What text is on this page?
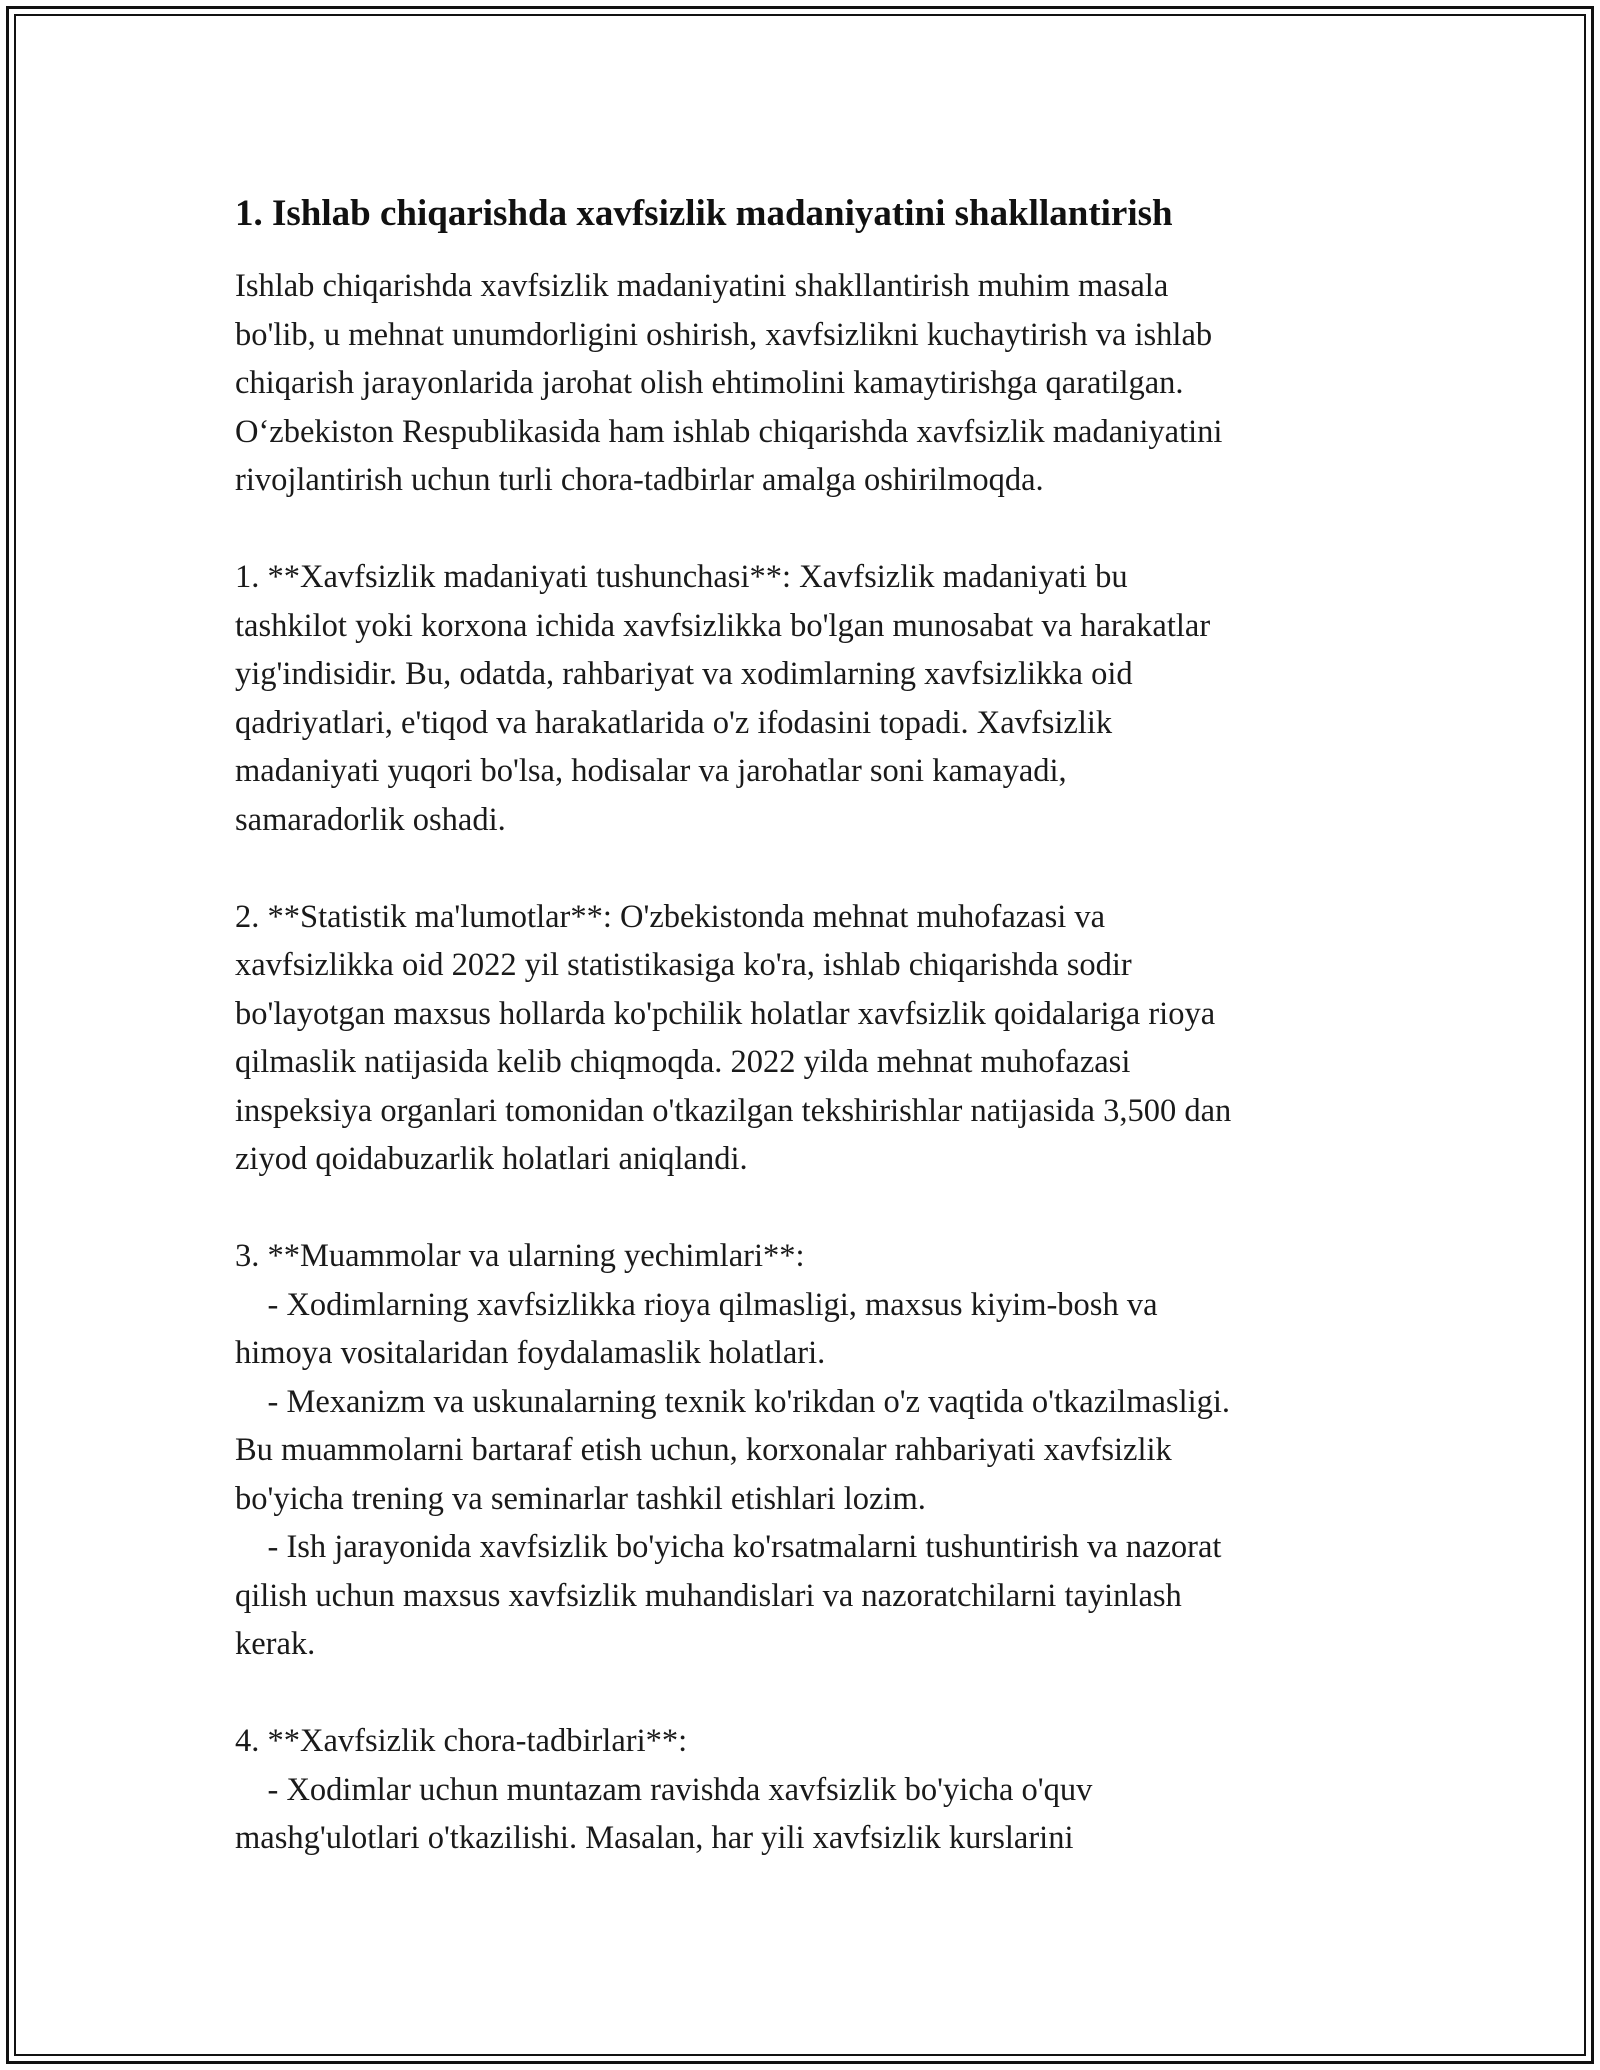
1. Ishlab chiqarishda xavfsizlik madaniyatini shakllantirish
Ishlab chiqarishda xavfsizlik madaniyatini shakllantirish muhim masala
bo'lib, u mehnat unumdorligini oshirish, xavfsizlikni kuchaytirish va ishlab
chiqarish jarayonlarida jarohat olish ehtimolini kamaytirishga qaratilgan.
O‘zbekiston Respublikasida ham ishlab chiqarishda xavfsizlik madaniyatini
rivojlantirish uchun turli chora-tadbirlar amalga oshirilmoqda.

1. **Xavfsizlik madaniyati tushunchasi**: Xavfsizlik madaniyati bu
tashkilot yoki korxona ichida xavfsizlikka bo'lgan munosabat va harakatlar
yig'indisidir. Bu, odatda, rahbariyat va xodimlarning xavfsizlikka oid
qadriyatlari, e'tiqod va harakatlarida o'z ifodasini topadi. Xavfsizlik
madaniyati yuqori bo'lsa, hodisalar va jarohatlar soni kamayadi,
samaradorlik oshadi.

2. **Statistik ma'lumotlar**: O'zbekistonda mehnat muhofazasi va
xavfsizlikka oid 2022 yil statistikasiga ko'ra, ishlab chiqarishda sodir
bo'layotgan maxsus hollarda ko'pchilik holatlar xavfsizlik qoidalariga rioya
qilmaslik natijasida kelib chiqmoqda. 2022 yilda mehnat muhofazasi
inspeksiya organlari tomonidan o'tkazilgan tekshirishlar natijasida 3,500 dan
ziyod qoidabuzarlik holatlari aniqlandi.

3. **Muammolar va ularning yechimlari**:
- Xodimlarning xavfsizlikka rioya qilmasligi, maxsus kiyim-bosh va
himoya vositalaridan foydalamaslik holatlari.
- Mexanizm va uskunalarning texnik ko'rikdan o'z vaqtida o'tkazilmasligi.
Bu muammolarni bartaraf etish uchun, korxonalar rahbariyati xavfsizlik
bo'yicha trening va seminarlar tashkil etishlari lozim.
- Ish jarayonida xavfsizlik bo'yicha ko'rsatmalarni tushuntirish va nazorat
qilish uchun maxsus xavfsizlik muhandislari va nazoratchilarni tayinlash
kerak.

4. **Xavfsizlik chora-tadbirlari**:
- Xodimlar uchun muntazam ravishda xavfsizlik bo'yicha o'quv
mashg'ulotlari o'tkazilishi. Masalan, har yili xavfsizlik kurslarini
